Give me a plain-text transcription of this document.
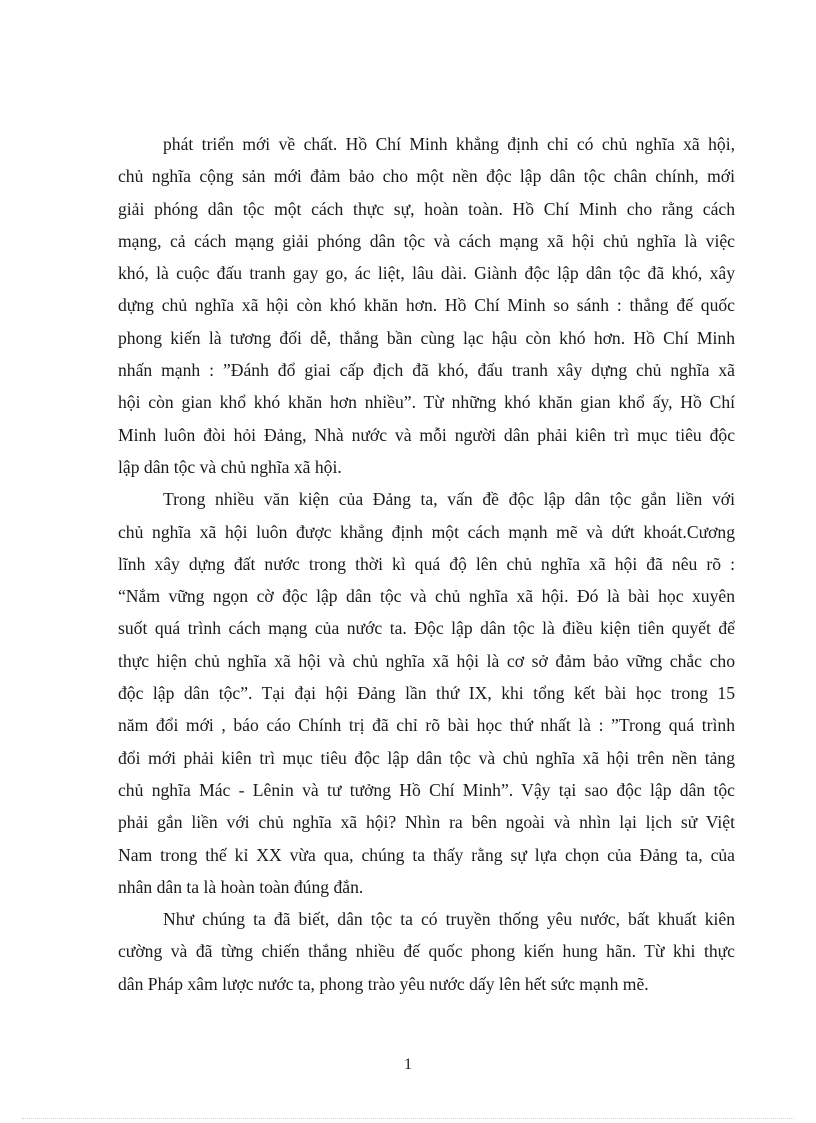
phát triển mới về chất. Hồ Chí Minh khẳng định chỉ có chủ nghĩa xã hội,
chủ nghĩa cộng sản mới đảm bảo cho một nền độc lập dân tộc chân chính, mới
giải phóng dân tộc một cách thực sự, hoàn toàn. Hồ Chí Minh cho rằng cách
mạng, cả cách mạng giải phóng dân tộc và cách mạng xã hội chủ nghĩa là việc
khó, là cuộc đấu tranh gay go, ác liệt, lâu dài. Giành độc lập dân tộc đã khó, xây
dựng chủ nghĩa xã hội còn khó khăn hơn. Hồ Chí Minh so sánh : thắng đế quốc
phong kiến là tương đối dễ, thắng bần cùng lạc hậu còn khó hơn. Hồ Chí Minh
nhấn mạnh : ”Đánh đổ giai cấp địch đã khó, đấu tranh xây dựng chủ nghĩa xã
hội còn gian khổ khó khăn hơn nhiều”. Từ những khó khăn gian khổ ấy, Hồ Chí
Minh luôn đòi hỏi Đảng, Nhà nước và mỗi người dân phải kiên trì mục tiêu độc
lập dân tộc và chủ nghĩa xã hội.
Trong nhiều văn kiện của Đảng ta, vấn đề độc lập dân tộc gắn liền với
chủ nghĩa xã hội luôn được khẳng định một cách mạnh mẽ và dứt khoát.Cương
lĩnh xây dựng đất nước trong thời kì quá độ lên chủ nghĩa xã hội đã nêu rõ :
“Nắm vững ngọn cờ độc lập dân tộc và chủ nghĩa xã hội. Đó là bài học xuyên
suốt quá trình cách mạng của nước ta. Độc lập dân tộc là điều kiện tiên quyết để
thực hiện chủ nghĩa xã hội và chủ nghĩa xã hội là cơ sở đảm bảo vững chắc cho
độc lập dân tộc”. Tại đại hội Đảng lần thứ IX, khi tổng kết bài học trong 15
năm đổi mới , báo cáo Chính trị đã chỉ rõ bài học thứ nhất là : ”Trong quá trình
đổi mới phải kiên trì mục tiêu độc lập dân tộc và chủ nghĩa xã hội trên nền tảng
chủ nghĩa Mác - Lênin và tư tưởng Hồ Chí Minh”. Vậy tại sao độc lập dân tộc
phải gắn liền với chủ nghĩa xã hội? Nhìn ra bên ngoài và nhìn lại lịch sử Việt
Nam trong thế kỉ XX vừa qua, chúng ta thấy rằng sự lựa chọn của Đảng ta, của
nhân dân ta là hoàn toàn đúng đắn.
Như chúng ta đã biết, dân tộc ta có truyền thống yêu nước, bất khuất kiên
cường và đã từng chiến thắng nhiều đế quốc phong kiến hung hãn. Từ khi thực
dân Pháp xâm lược nước ta, phong trào yêu nước dấy lên hết sức mạnh mẽ.
1
